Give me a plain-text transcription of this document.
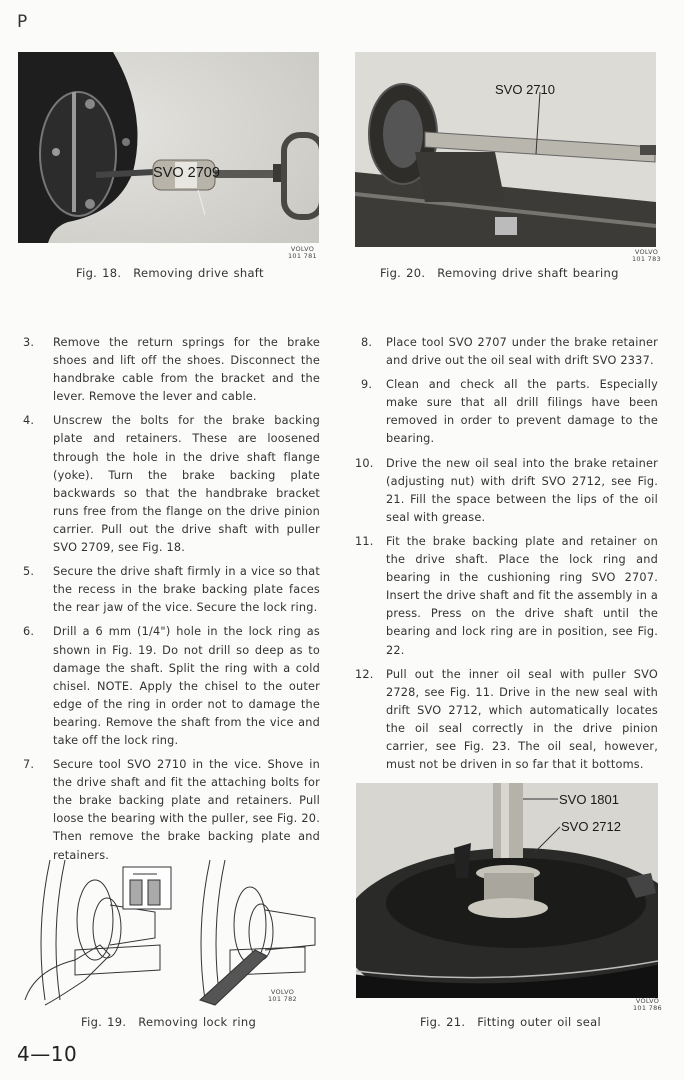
P
SVO 2709
VOLVO
101 781
Fig. 18. Removing drive shaft
SVO 2710
VOLVO
101 783
Fig. 20. Removing drive shaft bearing
3. Remove the return springs for the brake shoes and lift off the shoes. Disconnect the handbrake cable from the bracket and the lever. Remove the lever and cable.
4. Unscrew the bolts for the brake backing plate and retainers. These are loosened through the hole in the drive shaft flange (yoke). Turn the brake backing plate backwards so that the handbrake bracket runs free from the flange on the drive pinion carrier. Pull out the drive shaft with puller SVO 2709, see Fig. 18.
5. Secure the drive shaft firmly in a vice so that the recess in the brake backing plate faces the rear jaw of the vice. Secure the lock ring.
6. Drill a 6 mm (1/4") hole in the lock ring as shown in Fig. 19. Do not drill so deep as to damage the shaft. Split the ring with a cold chisel. NOTE. Apply the chisel to the outer edge of the ring in order not to damage the bearing. Remove the shaft from the vice and take off the lock ring.
7. Secure tool SVO 2710 in the vice. Shove in the drive shaft and fit the attaching bolts for the brake backing plate and retainers. Pull loose the bearing with the puller, see Fig. 20. Then remove the brake backing plate and retainers.
8. Place tool SVO 2707 under the brake retainer and drive out the oil seal with drift SVO 2337.
9. Clean and check all the parts. Especially make sure that all drill filings have been removed in order to prevent damage to the bearing.
10. Drive the new oil seal into the brake retainer (adjusting nut) with drift SVO 2712, see Fig. 21. Fill the space between the lips of the oil seal with grease.
11. Fit the brake backing plate and retainer on the drive shaft. Place the lock ring and bearing in the cushioning ring SVO 2707. Insert the drive shaft and fit the assembly in a press. Press on the drive shaft until the bearing and lock ring are in position, see Fig. 22.
12. Pull out the inner oil seal with puller SVO 2728, see Fig. 11. Drive in the new seal with drift SVO 2712, which automatically locates the oil seal correctly in the drive pinion carrier, see Fig. 23. The oil seal, however, must not be driven in so far that it bottoms.
VOLVO
101 782
Fig. 19. Removing lock ring
SVO 1801
SVO 2712
VOLVO
101 786
Fig. 21. Fitting outer oil seal
4—10
